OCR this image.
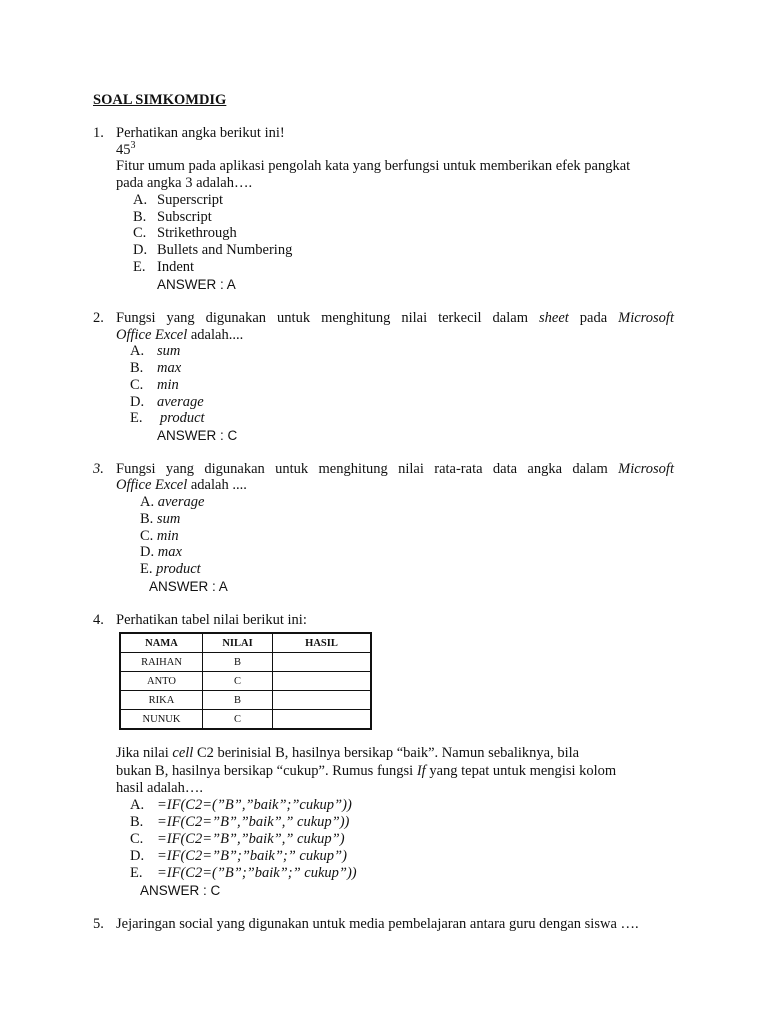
SOAL SIMKOMDIG
1. Perhatikan angka berikut ini!
$45^3$
Fitur umum pada aplikasi pengolah kata yang berfungsi untuk memberikan efek pangkat
pada angka 3 adalah….
A. Superscript
B. Subscript
C. Strikethrough
D. Bullets and Numbering
E. Indent
ANSWER : A
2. Fungsi yang digunakan untuk menghitung nilai terkecil dalam sheet pada Microsoft
Office Excel adalah....
A. sum
B. max
C. min
D. average
E. product
ANSWER : C
3. Fungsi yang digunakan untuk menghitung nilai rata-rata data angka dalam Microsoft
Office Excel adalah ....
A. average
B. sum
C. min
D. max
E. product
ANSWER : A
4. Perhatikan tabel nilai berikut ini:
NAMA	NILAI	HASIL
RAIHAN	B	
ANTO	C	
RIKA	B	
NUNUK	C	
Jika nilai cell C2 berinisial B, hasilnya bersikap “baik”. Namun sebaliknya, bila
bukan B, hasilnya bersikap “cukup”. Rumus fungsi If yang tepat untuk mengisi kolom
hasil adalah….
A. =IF(C2=(”B”,”baik”;”cukup”))
B. =IF(C2=”B”,”baik”,” cukup”))
C. =IF(C2=”B”,”baik”,” cukup”)
D. =IF(C2=”B”;”baik”;” cukup”)
E. =IF(C2=(”B”;”baik”;” cukup”))
ANSWER : C
5. Jejaringan social yang digunakan untuk media pembelajaran antara guru dengan siswa ….
